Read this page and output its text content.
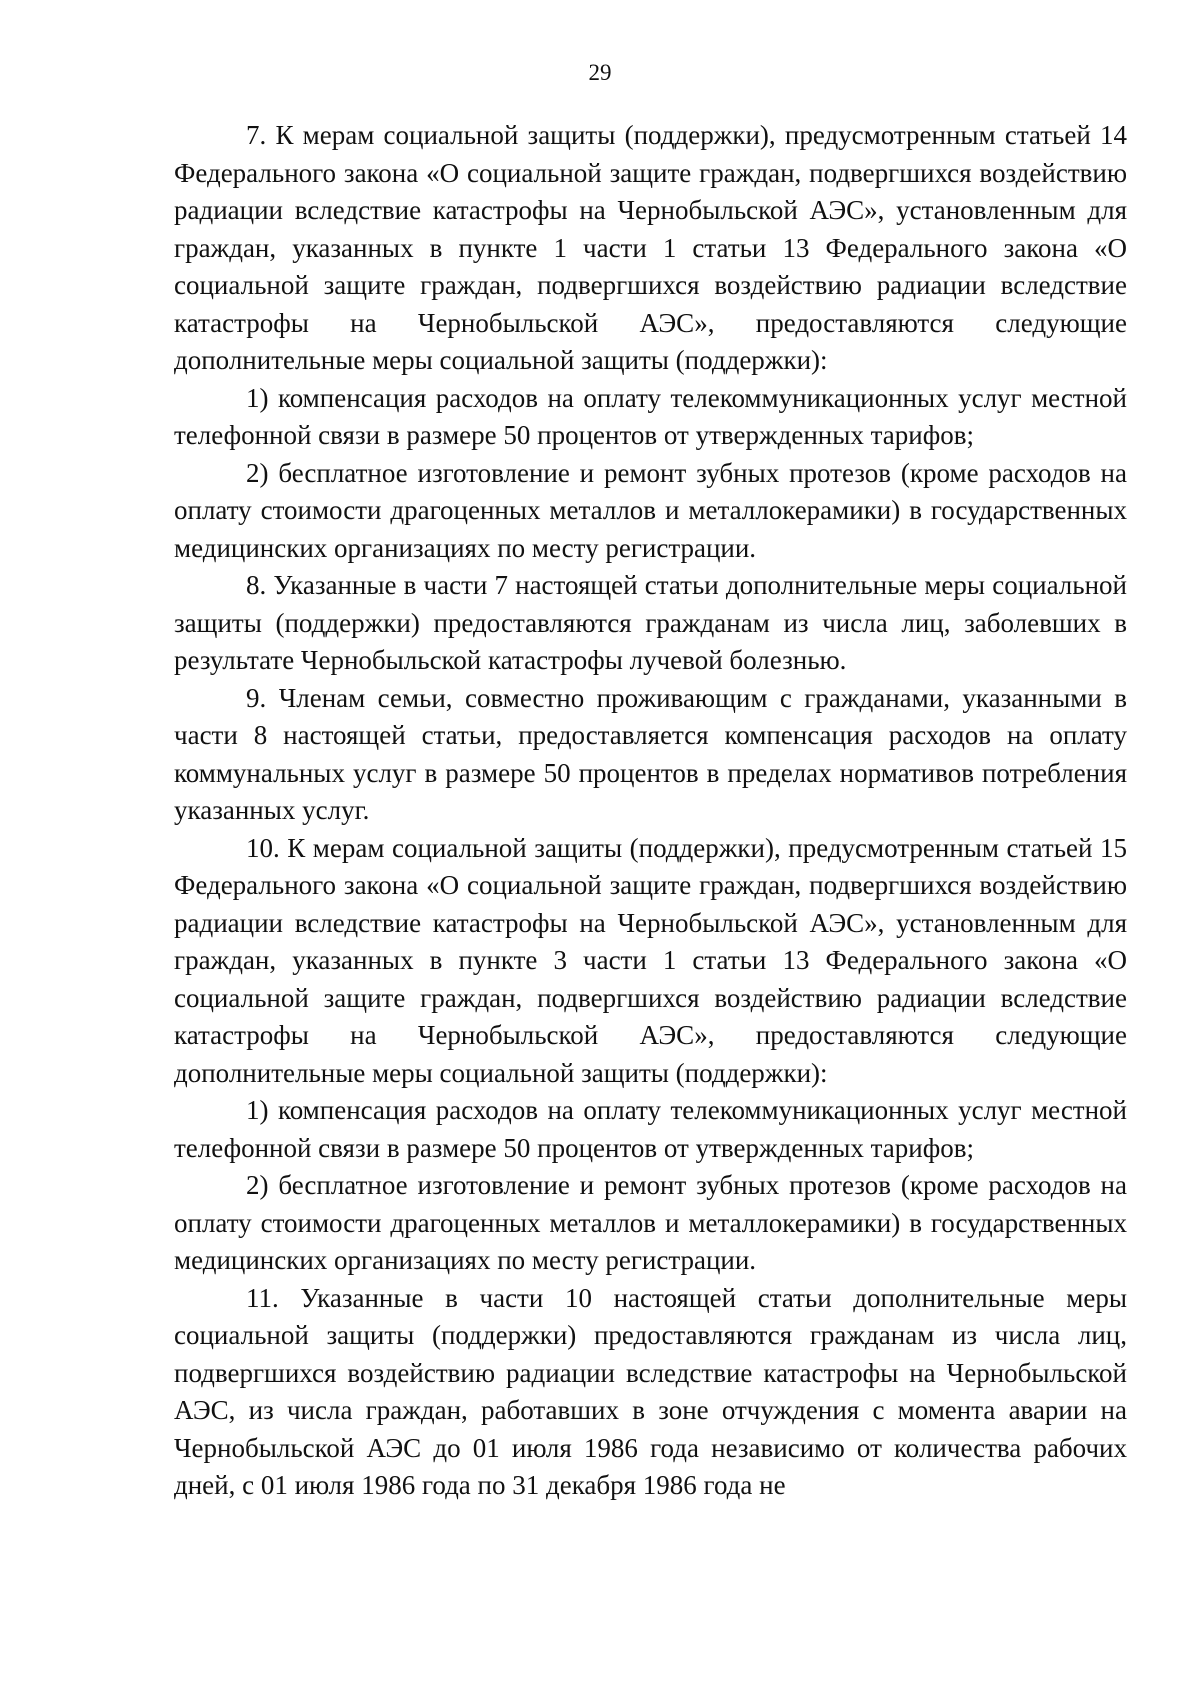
29

7. К мерам социальной защиты (поддержки), предусмотренным статьей 14 Федерального закона «О социальной защите граждан, подвергшихся воздействию радиации вследствие катастрофы на Чернобыльской АЭС», установленным для граждан, указанных в пункте 1 части 1 статьи 13 Федерального закона «О социальной защите граждан, подвергшихся воздействию радиации вследствие катастрофы на Чернобыльской АЭС», предоставляются следующие дополнительные меры социальной защиты (поддержки):

1) компенсация расходов на оплату телекоммуникационных услуг местной телефонной связи в размере 50 процентов от утвержденных тарифов;

2) бесплатное изготовление и ремонт зубных протезов (кроме расходов на оплату стоимости драгоценных металлов и металлокерамики) в государственных медицинских организациях по месту регистрации.

8. Указанные в части 7 настоящей статьи дополнительные меры социальной защиты (поддержки) предоставляются гражданам из числа лиц, заболевших в результате Чернобыльской катастрофы лучевой болезнью.

9. Членам семьи, совместно проживающим с гражданами, указанными в части 8 настоящей статьи, предоставляется компенсация расходов на оплату коммунальных услуг в размере 50 процентов в пределах нормативов потребления указанных услуг.

10. К мерам социальной защиты (поддержки), предусмотренным статьей 15 Федерального закона «О социальной защите граждан, подвергшихся воздействию радиации вследствие катастрофы на Чернобыльской АЭС», установленным для граждан, указанных в пункте 3 части 1 статьи 13 Федерального закона «О социальной защите граждан, подвергшихся воздействию радиации вследствие катастрофы на Чернобыльской АЭС», предоставляются следующие дополнительные меры социальной защиты (поддержки):

1) компенсация расходов на оплату телекоммуникационных услуг местной телефонной связи в размере 50 процентов от утвержденных тарифов;

2) бесплатное изготовление и ремонт зубных протезов (кроме расходов на оплату стоимости драгоценных металлов и металлокерамики) в государственных медицинских организациях по месту регистрации.

11. Указанные в части 10 настоящей статьи дополнительные меры социальной защиты (поддержки) предоставляются гражданам из числа лиц, подвергшихся воздействию радиации вследствие катастрофы на Чернобыльской АЭС, из числа граждан, работавших в зоне отчуждения с момента аварии на Чернобыльской АЭС до 01 июля 1986 года независимо от количества рабочих дней, с 01 июля 1986 года по 31 декабря 1986 года не
